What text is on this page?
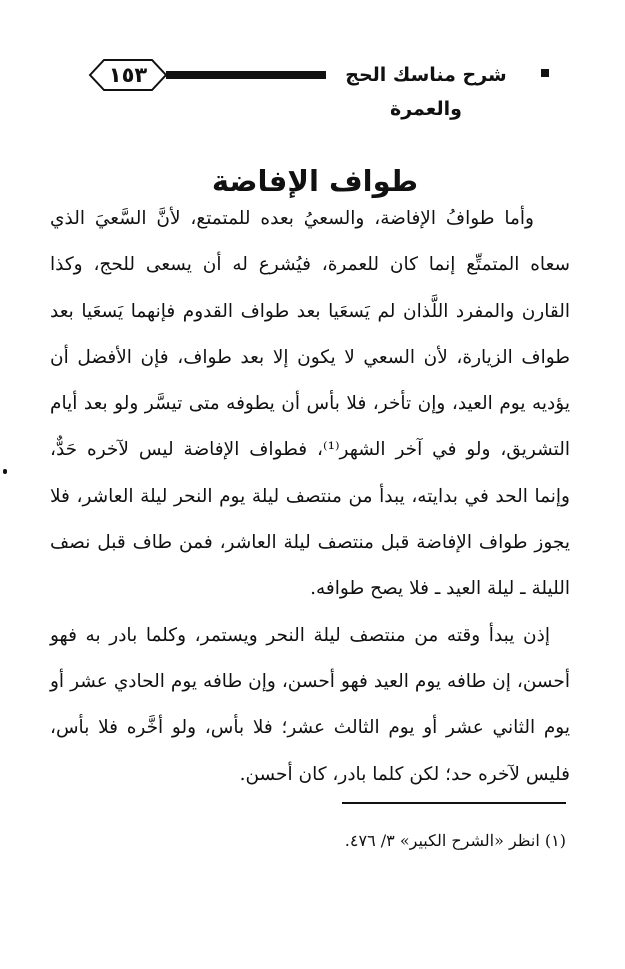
١٥٣	شرح مناسك الحج والعمرة
طواف الإفاضة

وأما طوافُ الإفاضة، والسعيُ بعده للمتمتع، لأنَّ السَّعيَ الذي سعاه المتمتِّع إنما كان للعمرة، فيُشرع له أن يسعى للحج، وكذا القارن والمفرد اللَّذان لم يَسعَيا بعد طواف القدوم فإنهما يَسعَيا بعد طواف الزيارة، لأن السعي لا يكون إلا بعد طواف، فإن الأفضل أن يؤديه يوم العيد، وإن تأخر، فلا بأس أن يطوفه متى تيسَّر ولو بعد أيام التشريق، ولو في آخر الشهر⁽¹⁾، فطواف الإفاضة ليس لآخره حَدٌّ، وإنما الحد في بدايته، يبدأ من منتصف ليلة يوم النحر ليلة العاشر، فلا يجوز طواف الإفاضة قبل منتصف ليلة العاشر، فمن طاف قبل نصف الليلة ـ ليلة العيد ـ فلا يصح طوافه.

إذن يبدأ وقته من منتصف ليلة النحر ويستمر، وكلما بادر به فهو أحسن، إن طافه يوم العيد فهو أحسن، وإن طافه يوم الحادي عشر أو يوم الثاني عشر أو يوم الثالث عشر؛ فلا بأس، ولو أخَّره فلا بأس، فليس لآخره حد؛ لكن كلما بادر، كان أحسن.

(١) انظر «الشرح الكبير» ٣/ ٤٧٦.
